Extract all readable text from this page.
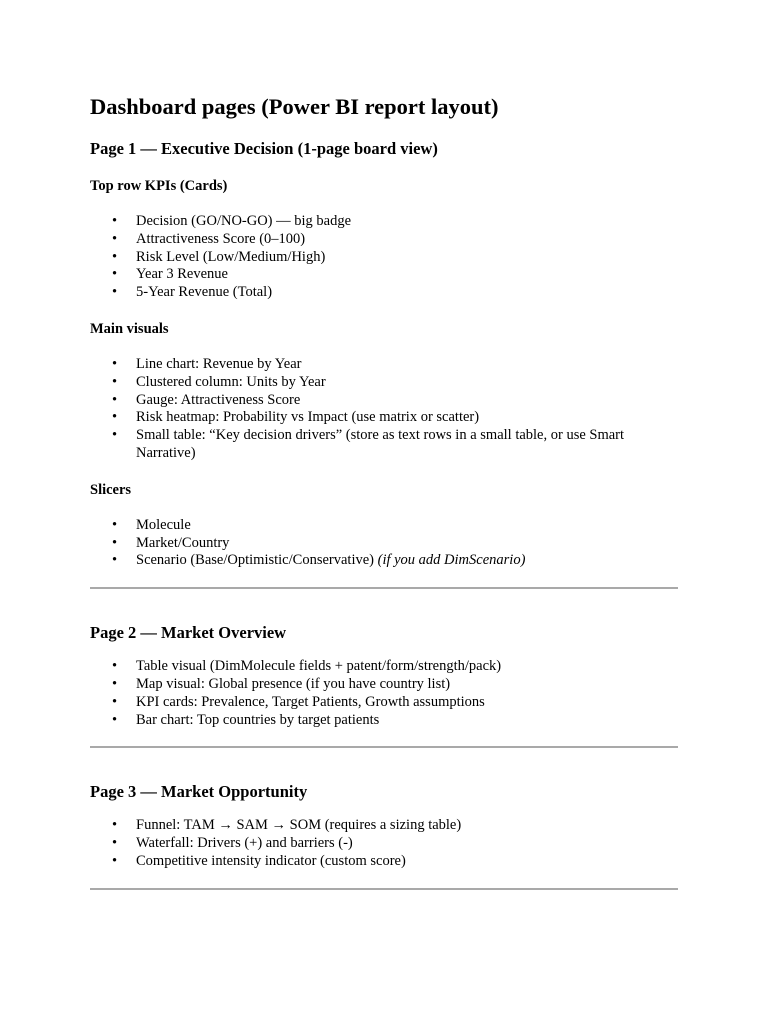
Dashboard pages (Power BI report layout)
Page 1 — Executive Decision (1-page board view)
Top row KPIs (Cards)
• Decision (GO/NO-GO) — big badge
• Attractiveness Score (0–100)
• Risk Level (Low/Medium/High)
• Year 3 Revenue
• 5-Year Revenue (Total)
Main visuals
• Line chart: Revenue by Year
• Clustered column: Units by Year
• Gauge: Attractiveness Score
• Risk heatmap: Probability vs Impact (use matrix or scatter)
• Small table: “Key decision drivers” (store as text rows in a small table, or use Smart Narrative)
Slicers
• Molecule
• Market/Country
• Scenario (Base/Optimistic/Conservative) (if you add DimScenario)
Page 2 — Market Overview
• Table visual (DimMolecule fields + patent/form/strength/pack)
• Map visual: Global presence (if you have country list)
• KPI cards: Prevalence, Target Patients, Growth assumptions
• Bar chart: Top countries by target patients
Page 3 — Market Opportunity
• Funnel: TAM → SAM → SOM (requires a sizing table)
• Waterfall: Drivers (+) and barriers (-)
• Competitive intensity indicator (custom score)
